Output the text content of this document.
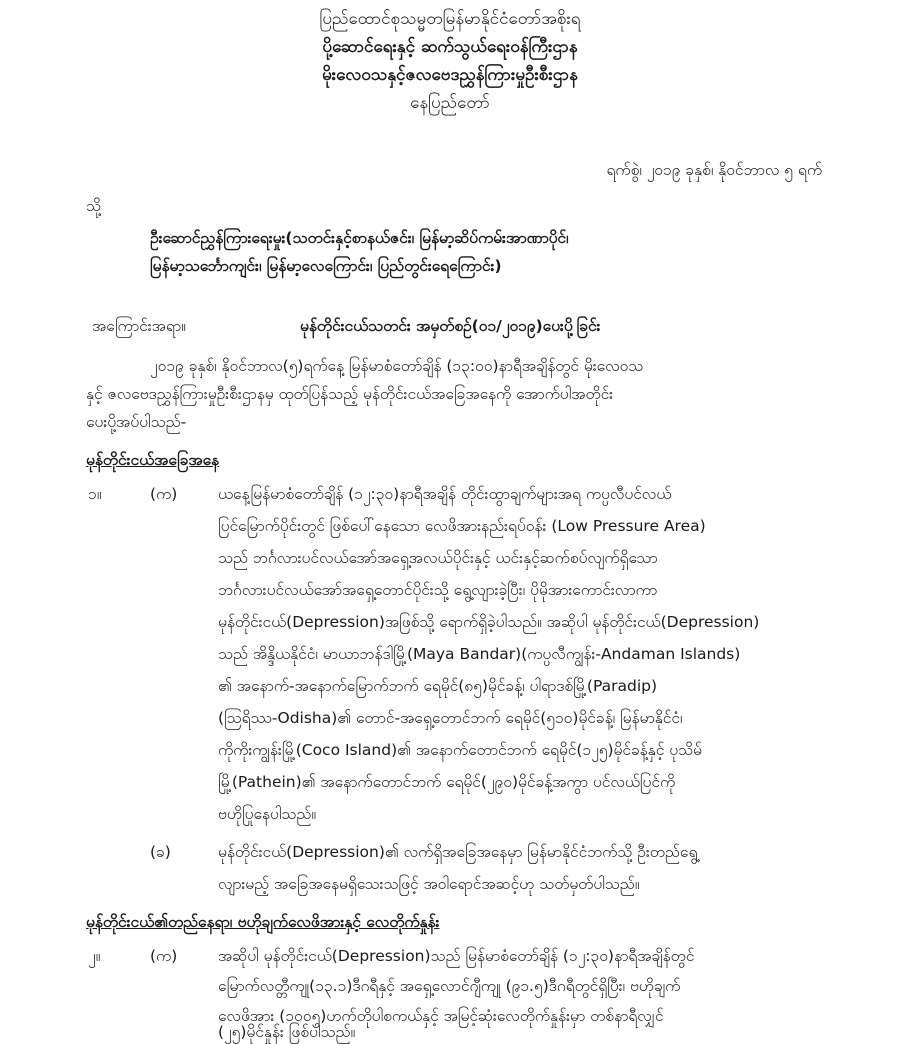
ပြည်ထောင်စုသမ္မတမြန်မာနိုင်ငံတော်အစိုးရ
ပို့ဆောင်ရေးနှင့် ဆက်သွယ်ရေးဝန်ကြီးဌာန
မိုးလေဝသနှင့်ဇလဗေဒညွှန်ကြားမှုဦးစီးဌာန
နေပြည်တော်
ရက်စွဲ၊ ၂၀၁၉ ခုနှစ်၊ နိုဝင်ဘာလ ၅ ရက်
သို့
ဦးဆောင်ညွှန်ကြားရေးမှုး(သတင်းနှင့်စာနယ်ဇင်း၊ မြန်မာ့ဆိပ်ကမ်းအာဏာပိုင်၊
မြန်မာ့သင်္ဘောကျင်း၊ မြန်မာ့လေကြောင်း၊ ပြည်တွင်းရေကြောင်း)
အကြောင်းအရာ။	မုန်တိုင်းငယ်သတင်း အမှတ်စဉ်(၀၁/၂၀၁၉)ပေးပို့ခြင်း
၂၀၁၉ ခုနှစ်၊ နိုဝင်ဘာလ(၅)ရက်နေ့ မြန်မာစံတော်ချိန် (၁၃:၀၀)နာရီအချိန်တွင် မိုးလေဝသ
နှင့် ဇလဗေဒညွှန်ကြားမှုဦးစီးဌာနမှ ထုတ်ပြန်သည့် မုန်တိုင်းငယ်အခြေအနေကို အောက်ပါအတိုင်း
ပေးပို့အပ်ပါသည်-
မုန်တိုင်းငယ်အခြေအနေ
၁။	(က)	ယနေ့မြန်မာစံတော်ချိန် (၁၂:၃၀)နာရီအချိန် တိုင်းထွာချက်များအရ ကပ္ပလီပင်လယ်
ပြင်မြောက်ပိုင်းတွင် ဖြစ်ပေါ်နေသော လေဖိအားနည်းရပ်ဝန်း (Low Pressure Area)
သည် ဘင်္ဂလားပင်လယ်အော်အရှေ့အလယ်ပိုင်းနှင့် ယင်းနှင့်ဆက်စပ်လျက်ရှိသော
ဘင်္ဂလားပင်လယ်အော်အရှေ့တောင်ပိုင်းသို့ ရွေ့လျားခဲ့ပြီး၊ ပိုမိုအားကောင်းလာကာ
မုန်တိုင်းငယ်(Depression)အဖြစ်သို့ ရောက်ရှိခဲ့ပါသည်။ အဆိုပါ မုန်တိုင်းငယ်(Depression)
သည် အိန္ဒိယနိုင်ငံ၊ မာယာဘန်ဒါမြို့(Maya Bandar)(ကပ္ပလီကျွန်း-Andaman Islands)
၏ အနောက်-အနောက်မြောက်ဘက် ရေမိုင်(၈၅)မိုင်ခန့်၊ ပါရာဒစ်မြို့(Paradip)
(ဩရိဿ-Odisha)၏ တောင်-အရှေ့တောင်ဘက် ရေမိုင်(၅၁၀)မိုင်ခန့်၊ မြန်မာနိုင်ငံ၊
ကိုကိုးကျွန်းမြို့(Coco Island)၏ အနောက်တောင်ဘက် ရေမိုင်(၁၂၅)မိုင်ခန့်နှင့် ပုသိမ်
မြို့(Pathein)၏ အနောက်တောင်ဘက် ရေမိုင်(၂၉၀)မိုင်ခန့်အကွာ ပင်လယ်ပြင်ကို
ဗဟိုပြုနေပါသည်။
(ခ)	မုန်တိုင်းငယ်(Depression)၏ လက်ရှိအခြေအနေမှာ မြန်မာနိုင်ငံဘက်သို့ ဦးတည်ရွေ့
လျားမည့် အခြေအနေမရှိသေးသဖြင့် အဝါရောင်အဆင့်ဟု သတ်မှတ်ပါသည်။
မုန်တိုင်းငယ်၏တည်နေရာ၊ ဗဟိုချက်လေဖိအားနှင့် လေတိုက်နှုန်း
၂။	(က)	အဆိုပါ မုန်တိုင်းငယ်(Depression)သည် မြန်မာစံတော်ချိန် (၁၂:၃၀)နာရီအချိန်တွင်
မြောက်လတ္တီကျု(၁၃.၁)ဒီဂရီနှင့် အရှေ့လောင်ဂျီကျု (၉၁.၅)ဒီဂရီတွင်ရှိပြီး၊ ဗဟိုချက်
လေဖိအား (၁၀၀၅)ဟက်တိုပါစကယ်နှင့် အမြင့်ဆုံးလေတိုက်နှုန်းမှာ တစ်နာရီလျှင်
(၂၅)မိုင်နှုန်း ဖြစ်ပါသည်။
